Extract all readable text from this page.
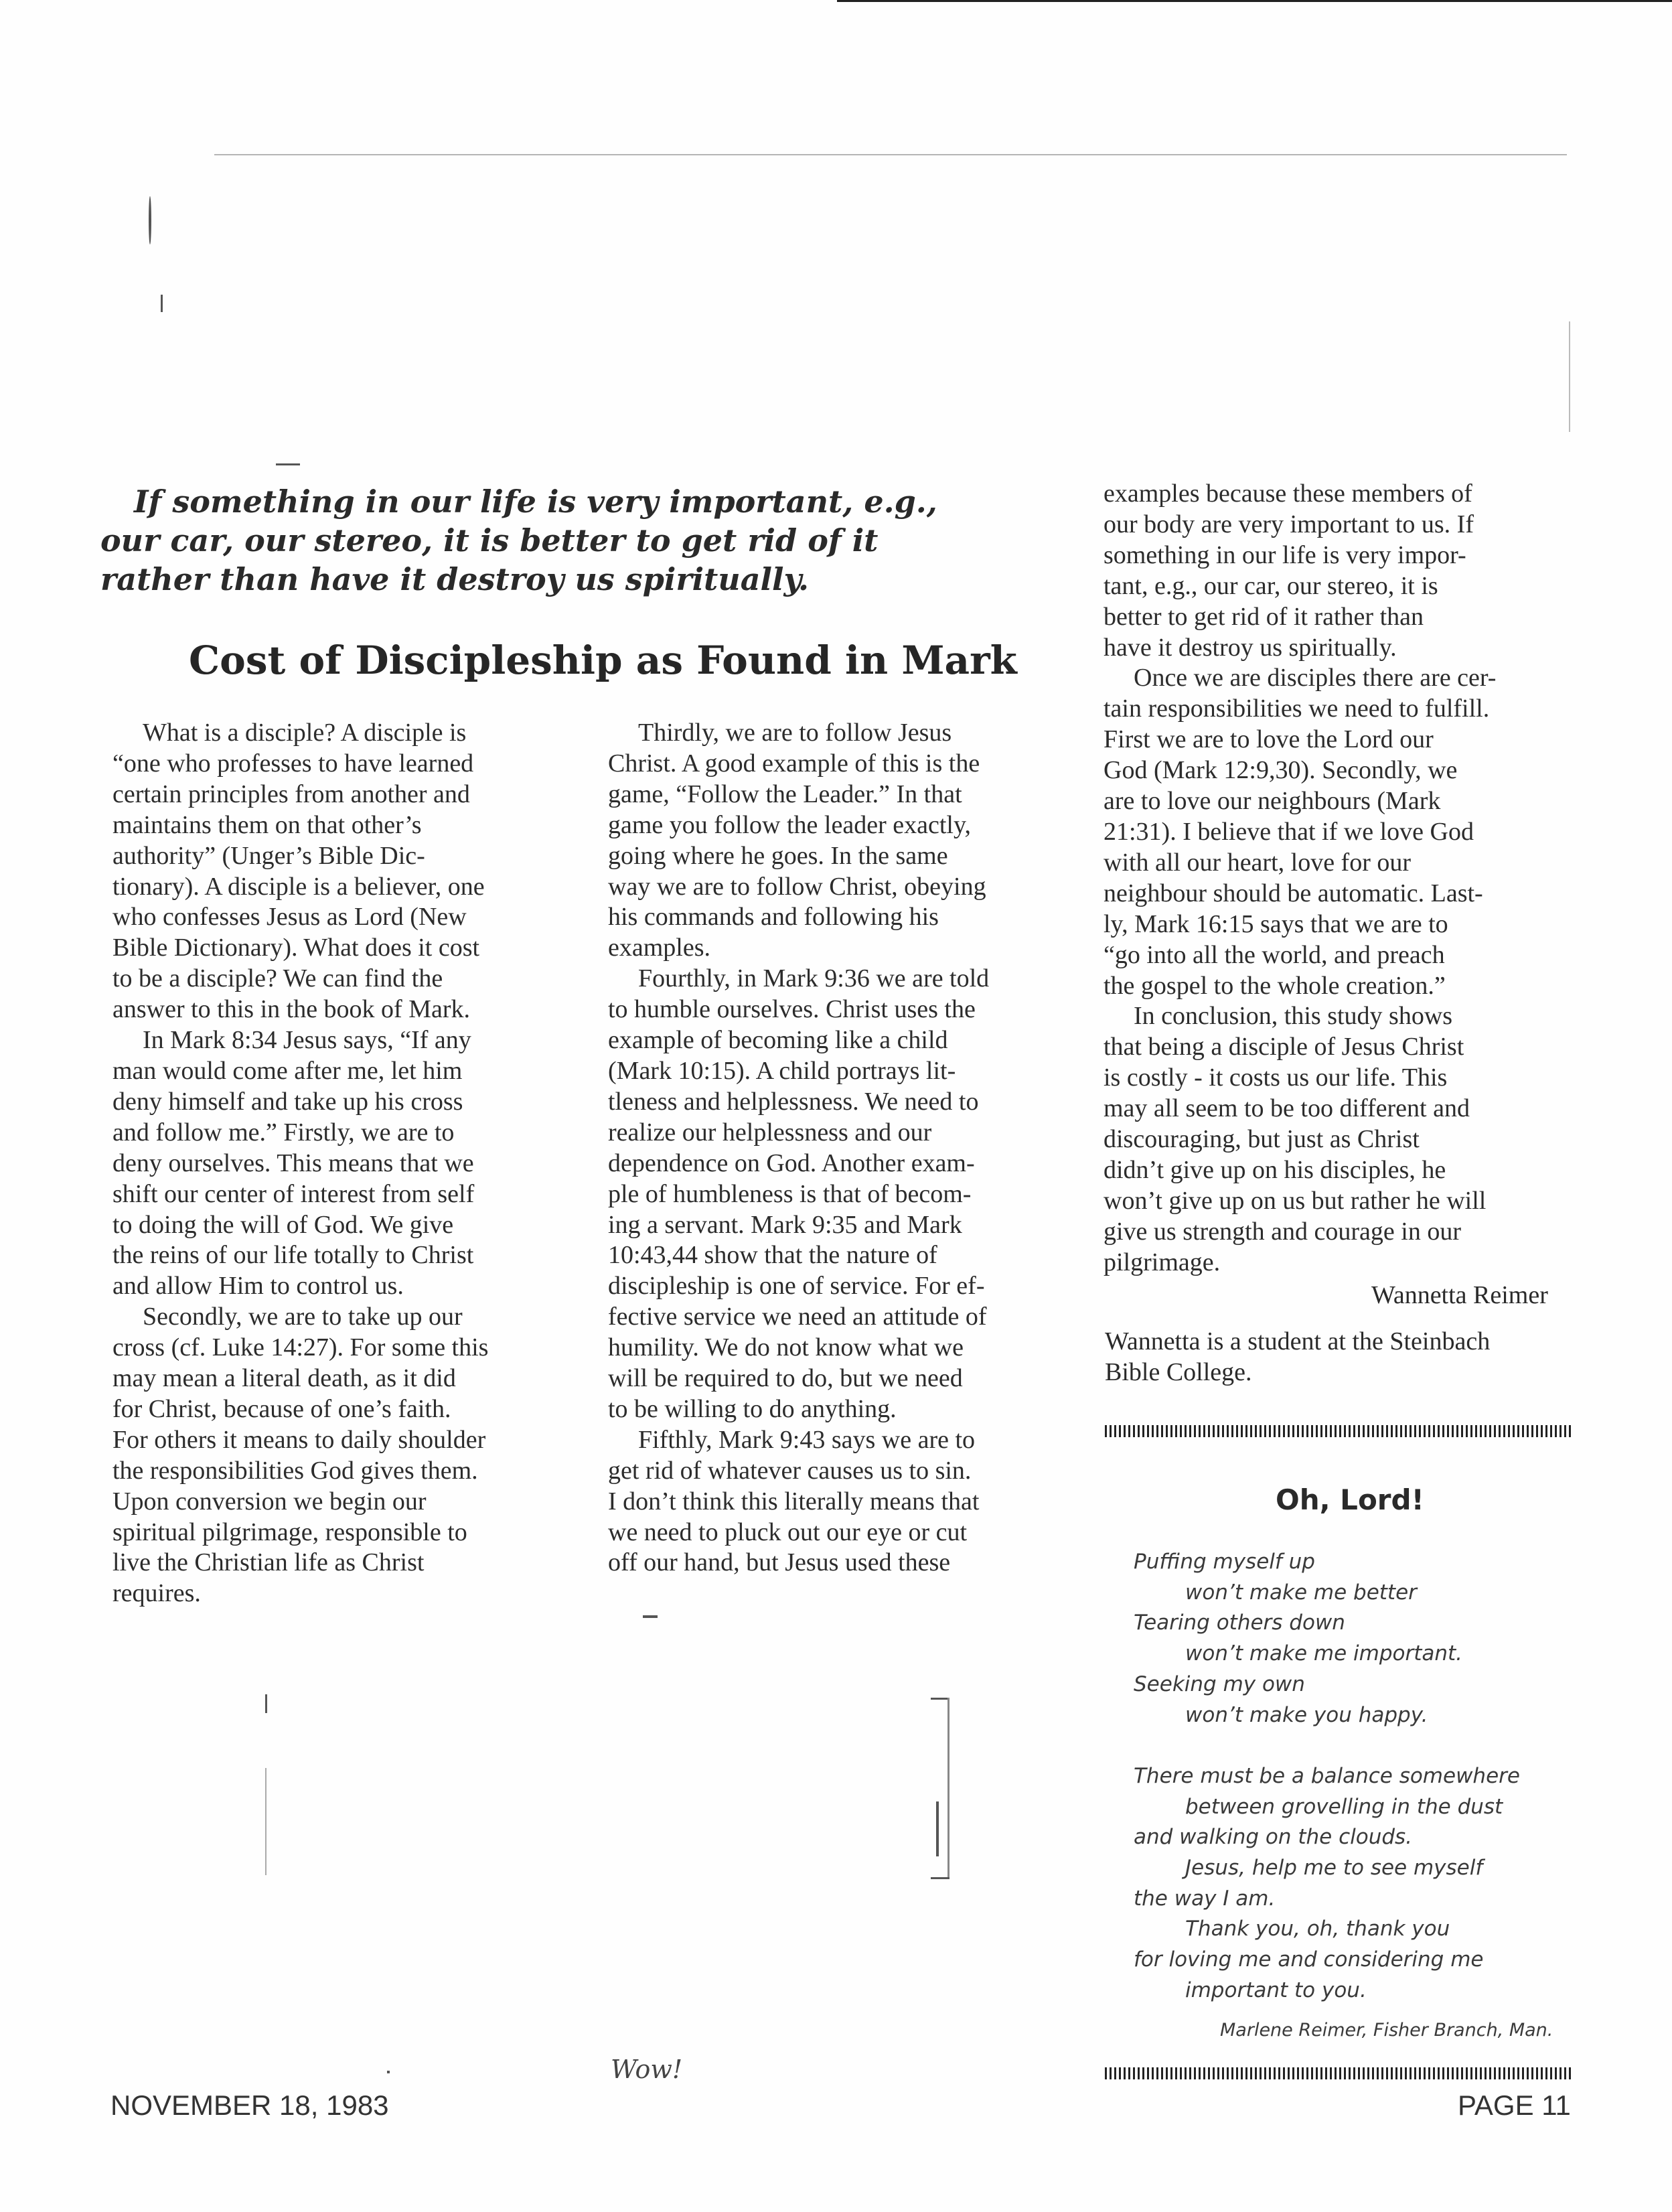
If something in our life is very important, e.g.,
our car, our stereo, it is better to get rid of it
rather than have it destroy us spiritually.
Cost of Discipleship as Found in Mark

What is a disciple? A disciple is
“one who professes to have learned
certain principles from another and
maintains them on that other’s
authority” (Unger’s Bible Dic-
tionary). A disciple is a believer, one
who confesses Jesus as Lord (New
Bible Dictionary). What does it cost
to be a disciple? We can find the
answer to this in the book of Mark.

In Mark 8:34 Jesus says, “If any
man would come after me, let him
deny himself and take up his cross
and follow me.” Firstly, we are to
deny ourselves. This means that we
shift our center of interest from self
to doing the will of God. We give
the reins of our life totally to Christ
and allow Him to control us.

Secondly, we are to take up our
cross (cf. Luke 14:27). For some this
may mean a literal death, as it did
for Christ, because of one’s faith.
For others it means to daily shoulder
the responsibilities God gives them.
Upon conversion we begin our
spiritual pilgrimage, responsible to
live the Christian life as Christ
requires.

Thirdly, we are to follow Jesus
Christ. A good example of this is the
game, “Follow the Leader.” In that
game you follow the leader exactly,
going where he goes. In the same
way we are to follow Christ, obeying
his commands and following his
examples.

Fourthly, in Mark 9:36 we are told
to humble ourselves. Christ uses the
example of becoming like a child
(Mark 10:15). A child portrays lit-
tleness and helplessness. We need to
realize our helplessness and our
dependence on God. Another exam-
ple of humbleness is that of becom-
ing a servant. Mark 9:35 and Mark
10:43,44 show that the nature of
discipleship is one of service. For ef-
fective service we need an attitude of
humility. We do not know what we
will be required to do, but we need
to be willing to do anything.

Fifthly, Mark 9:43 says we are to
get rid of whatever causes us to sin.
I don’t think this literally means that
we need to pluck out our eye or cut
off our hand, but Jesus used these

examples because these members of
our body are very important to us. If
something in our life is very impor-
tant, e.g., our car, our stereo, it is
better to get rid of it rather than
have it destroy us spiritually.

Once we are disciples there are cer-
tain responsibilities we need to fulfill.
First we are to love the Lord our
God (Mark 12:9,30). Secondly, we
are to love our neighbours (Mark
21:31). I believe that if we love God
with all our heart, love for our
neighbour should be automatic. Last-
ly, Mark 16:15 says that we are to
“go into all the world, and preach
the gospel to the whole creation.”

In conclusion, this study shows
that being a disciple of Jesus Christ
is costly - it costs us our life. This
may all seem to be too different and
discouraging, but just as Christ
didn’t give up on his disciples, he
won’t give up on us but rather he will
give us strength and courage in our
pilgrimage.

Wannetta Reimer
Wannetta is a student at the Steinbach
Bible College.
Oh, Lord!
Puffing myself up
won’t make me better
Tearing others down
won’t make me important.
Seeking my own
won’t make you happy.
There must be a balance somewhere
between grovelling in the dust
and walking on the clouds.
Jesus, help me to see myself
the way I am.
Thank you, oh, thank you
for loving me and considering me
important to you.
Marlene Reimer, Fisher Branch, Man.
Wow!
NOVEMBER 18, 1983	PAGE 11
